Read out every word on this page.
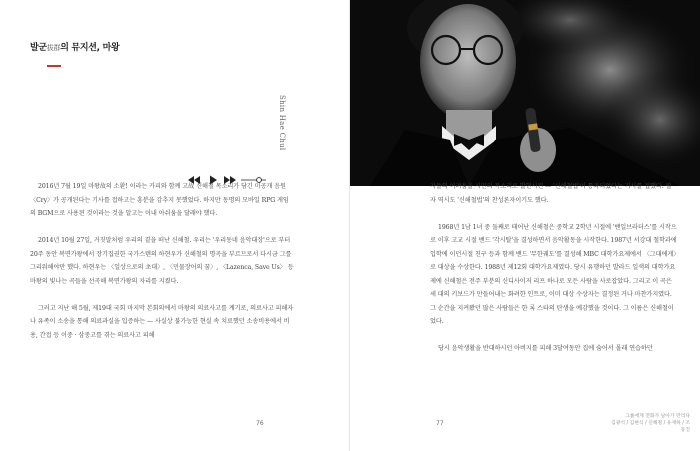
발군拔群의 뮤지션, 마왕
Shin Hae Chul

2016년 7월 19일 마왕故의 소환! 이라는 카피와 함께 고故 신해철 목소리가 담긴 미공개 음원 〈Cry〉가 공개된다는 기사를 접하고는 흥분을 감추지 못했었다. 하지만 동명의 모바일 RPG 게임의 BGM으로 사용된 것이라는 것을 알고는 이내 아쉬움을 달래야 했다.

2014년 10월 27일, 거짓말처럼 우리의 곁을 떠난 신해철. 우리는 '우리동네 음악대장'으로 부터 20주 동안 복면가왕에서 장기집권한 국가스텐의 하현우가 신해철의 명곡을 부르므로서 다시금 그를 그리워해야만 했다. 하현우는 〈일상으로의 초대〉, 〈민물장어의 꿈〉, 〈Lazenca, Save Us〉 등 마왕의 빛나는 곡들을 선곡해 복면가왕의 자리를 지켰다.

그러고 지난 해 5월, 제19대 국회 마지막 본회의에서 마왕의 의료사고를 계기로, 의료사고 피해자나 유족이 소송을 통해 의료과실을 입증하는 — 사실상 불가능한 현실 속 치료했던 소송비용에서 비용, 간접 등 이중 · 삼중고를 겪는 의료사고 피해

76

자들의 어려움을 시민의 목소리로 발현시킨 — '신해철법'이 통과되었다는 기사를 접했다. 필자 역시도 '신해철법'의 찬성론자이기도 했다.

1968년 1남 1녀 중 둘째로 태어난 신해철은 중학교 2학년 시절에 '밴일브라더스'를 시작으로 이후 고교 시절 밴드 '각시탈'을 결성하면서 음악활동을 시작한다. 1987년 서강대 철학과에 입학에 이던시절 친구 등과 함께 밴드 '무한궤도'를 결성해 MBC 대학가요제에서 〈그대에게〉로 대상을 수상한다. 1988년 제12회 대학가요제였다. 당시 유행하던 발라드 일색의 대학가요제에 신해철은 전주 부분의 신디사이저 리프 하나로 모든 사람을 사로잡았다. 그리고 이 곡은 세 대의 키보드가 만들어내는 화려한 인트로, 이미 대상 수상자는 결정된 거나 마찬가지였다. 그 순간을 지켜봤던 많은 사람들은 한 록 스타의 탄생을 예감했을 것이다. 그 이름은 신해철이었다.

당시 음악생활을 반대하시던 아버지를 피해 3달여동안 집에 숨어서 몰래 연습하던

77
그룹에게 전화가 날아가 만리다
김광석 / 김현식 / 신해철 / 유재하 / 조동진
